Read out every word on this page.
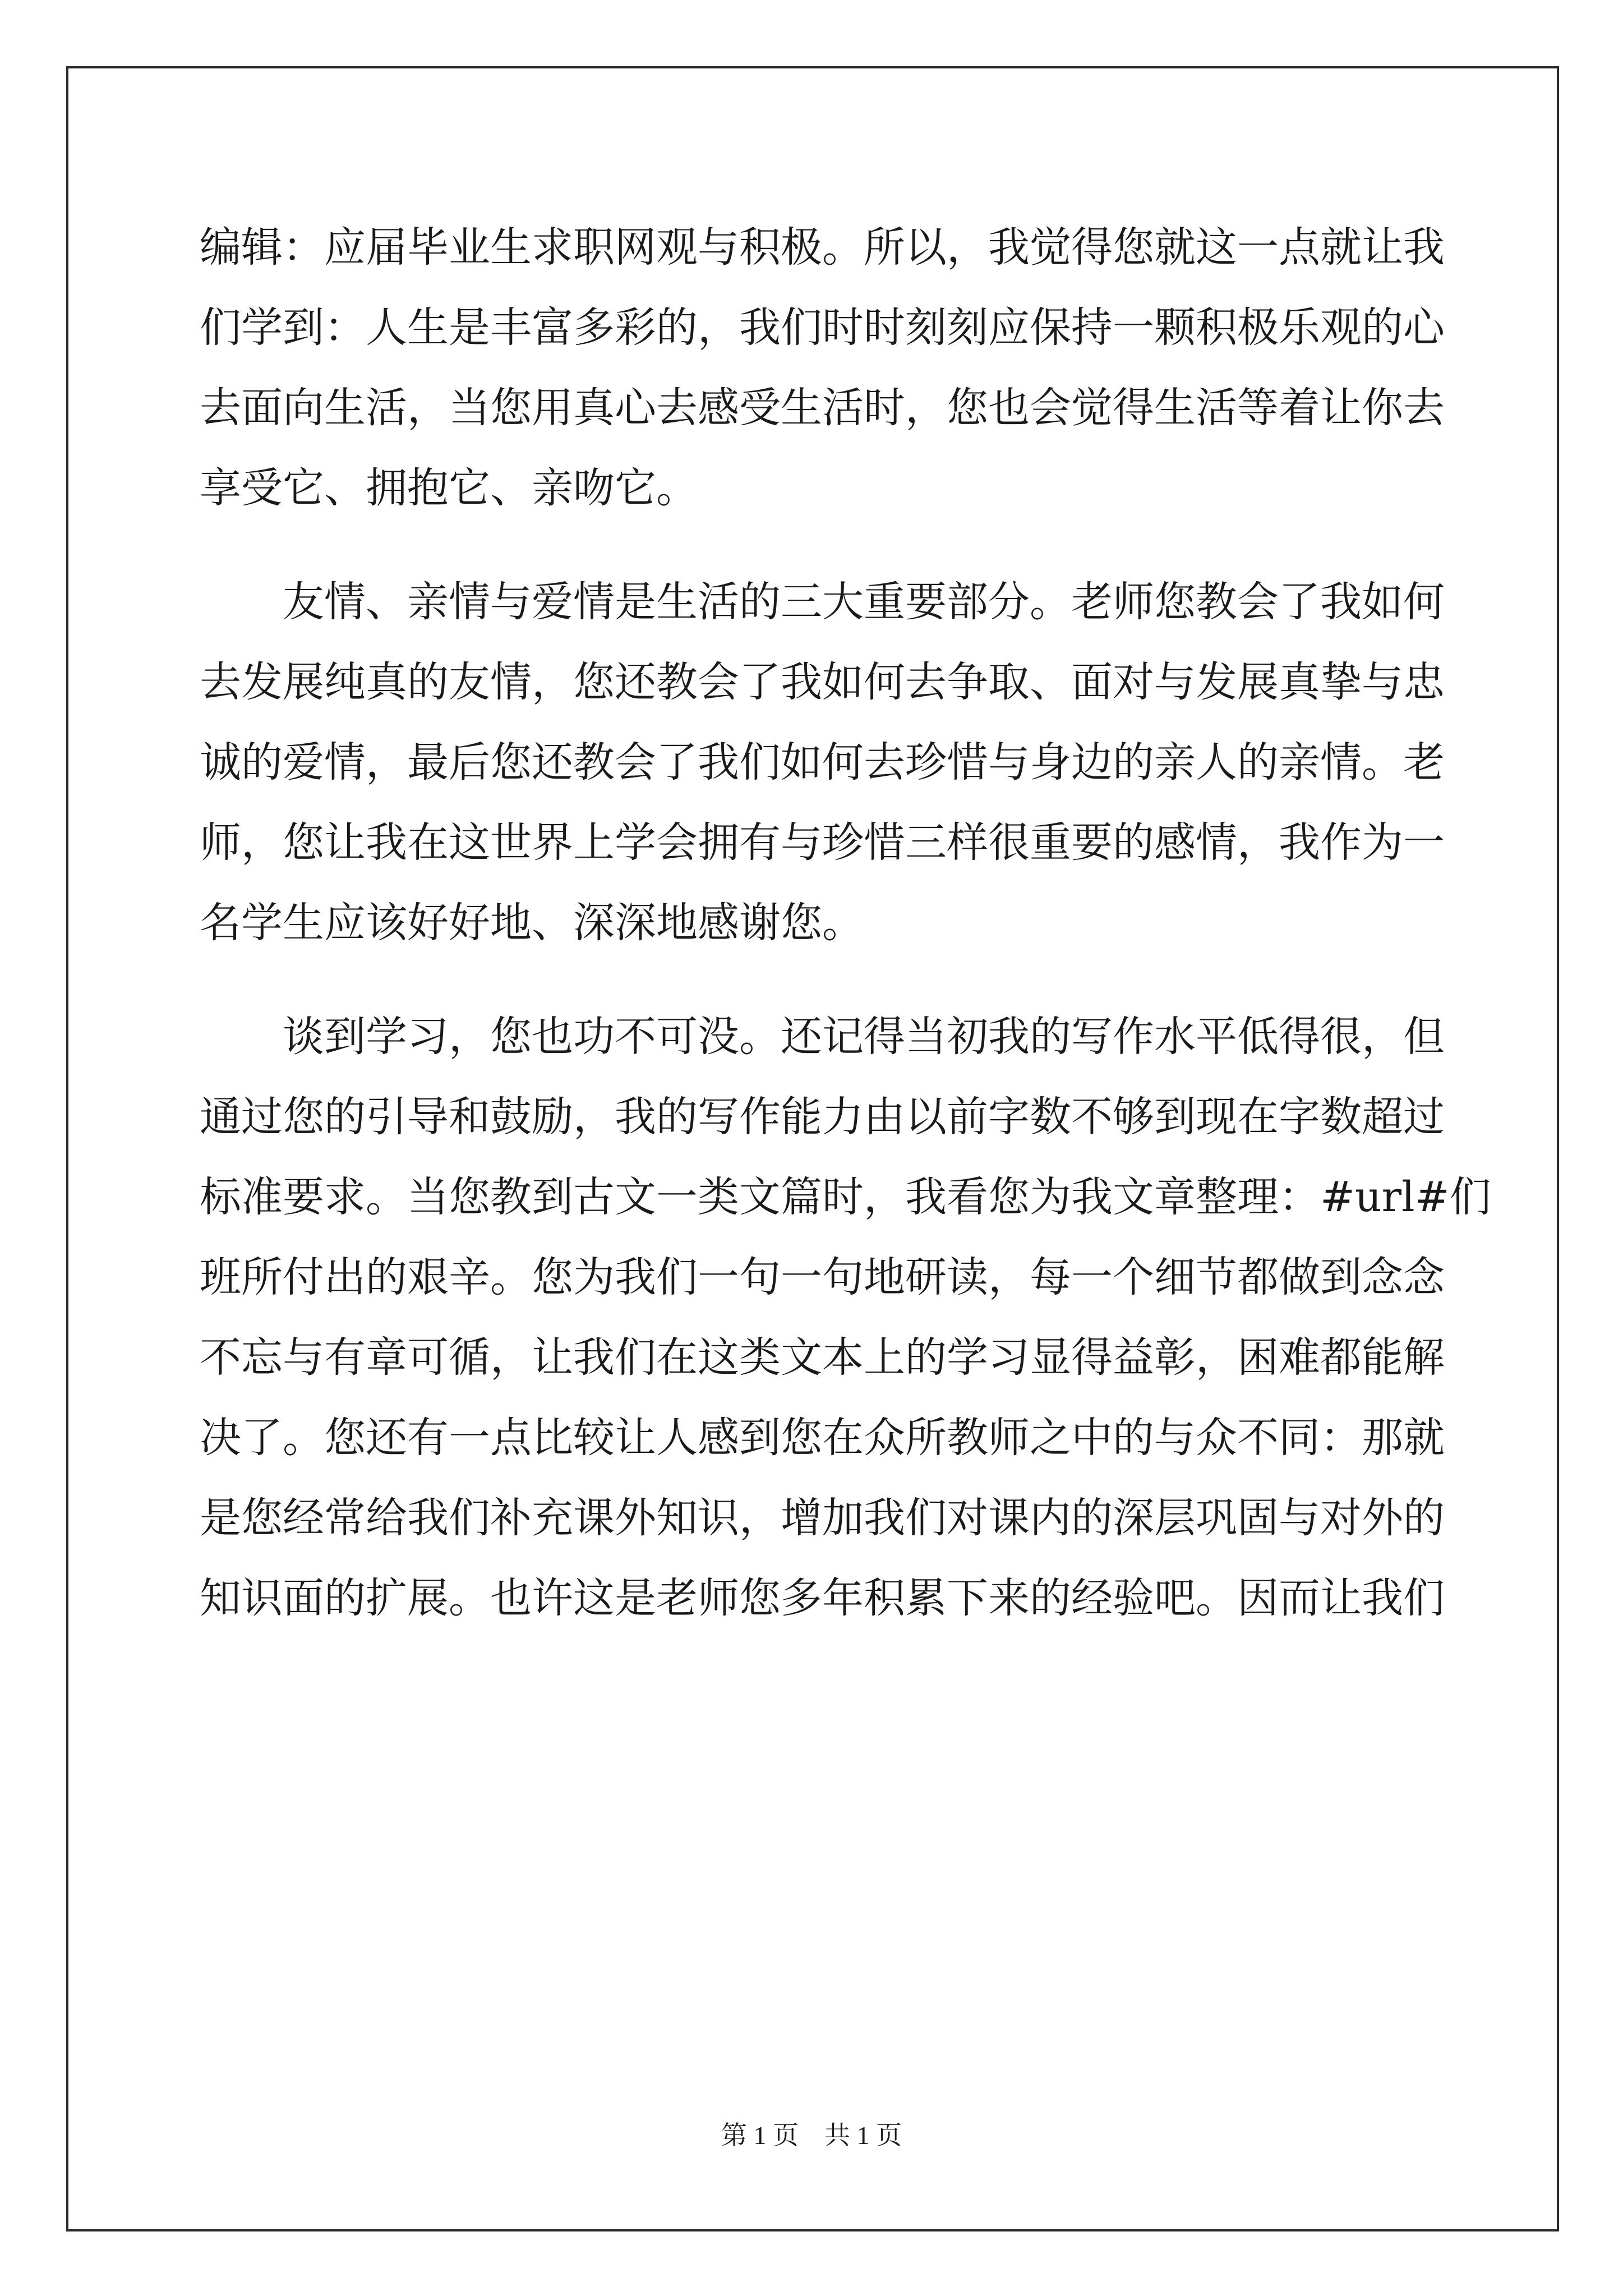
编辑：应届毕业生求职网观与积极。所以，我觉得您就这一点就让我
们学到：人生是丰富多彩的，我们时时刻刻应保持一颗积极乐观的心
去面向生活，当您用真心去感受生活时，您也会觉得生活等着让你去
享受它、拥抱它、亲吻它。
　　友情、亲情与爱情是生活的三大重要部分。老师您教会了我如何
去发展纯真的友情，您还教会了我如何去争取、面对与发展真挚与忠
诚的爱情，最后您还教会了我们如何去珍惜与身边的亲人的亲情。老
师，您让我在这世界上学会拥有与珍惜三样很重要的感情，我作为一
名学生应该好好地、深深地感谢您。
　　谈到学习，您也功不可没。还记得当初我的写作水平低得很，但
通过您的引导和鼓励，我的写作能力由以前字数不够到现在字数超过
标准要求。当您教到古文一类文篇时，我看您为我文章整理：#url#们
班所付出的艰辛。您为我们一句一句地研读，每一个细节都做到念念
不忘与有章可循，让我们在这类文本上的学习显得益彰，困难都能解
决了。您还有一点比较让人感到您在众所教师之中的与众不同：那就
是您经常给我们补充课外知识，增加我们对课内的深层巩固与对外的
知识面的扩展。也许这是老师您多年积累下来的经验吧。因而让我们
第 1 页　共 1 页
